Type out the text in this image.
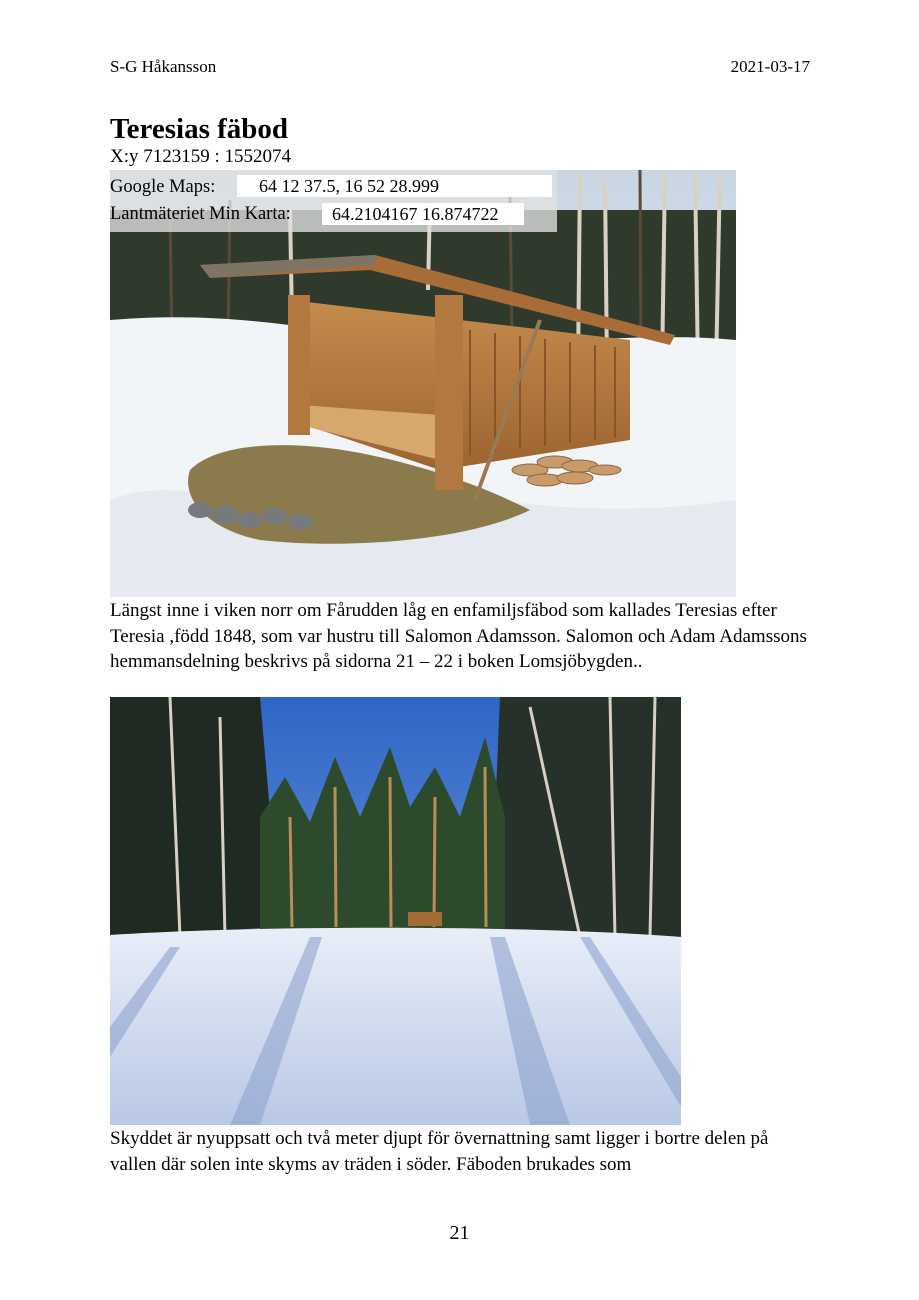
S-G Håkansson	2021-03-17
Teresias fäbod
X:y 7123159 : 1552074
Google Maps:	64 12 37.5, 16 52 28.999
Lantmäteriet Min Karta:	64.2104167 16.874722

Längst inne i viken norr om Fårudden låg en enfamiljsfäbod som kallades Teresias efter Teresia ,född 1848, som var hustru till Salomon Adamsson. Salomon och Adam Adamssons hemmansdelning beskrivs på sidorna 21 – 22 i boken Lomsjöbygden..

Skyddet är nyuppsatt och två meter djupt för övernattning samt ligger i bortre delen på vallen där solen inte skyms av träden i söder. Fäboden brukades som

21
